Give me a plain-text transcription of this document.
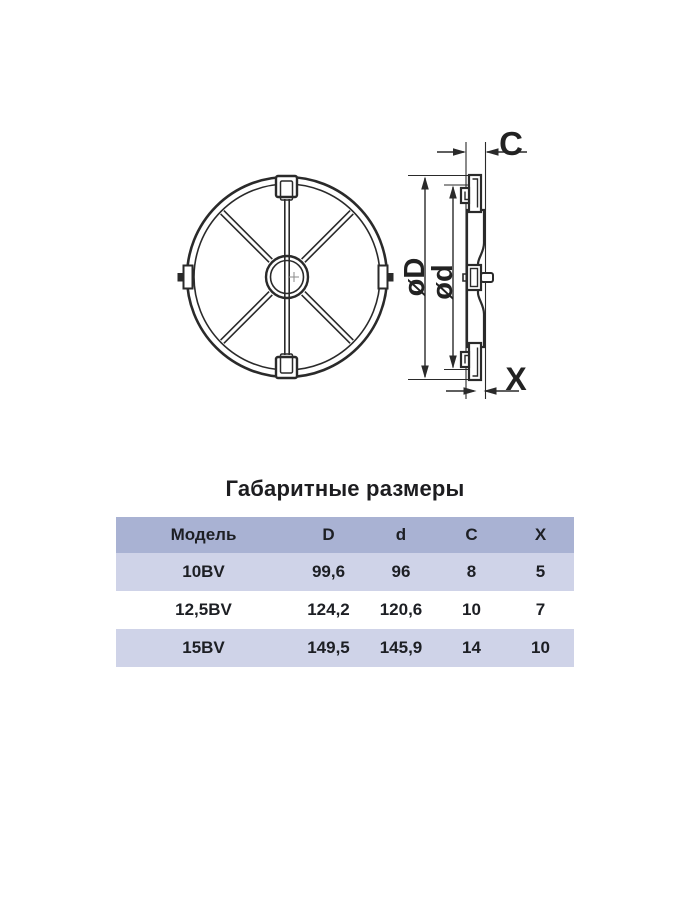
C
X
øD
ød
Габаритные размеры
Модель	D	d	C	X
10BV	99,6	96	8	5
12,5BV	124,2	120,6	10	7
15BV	149,5	145,9	14	10
